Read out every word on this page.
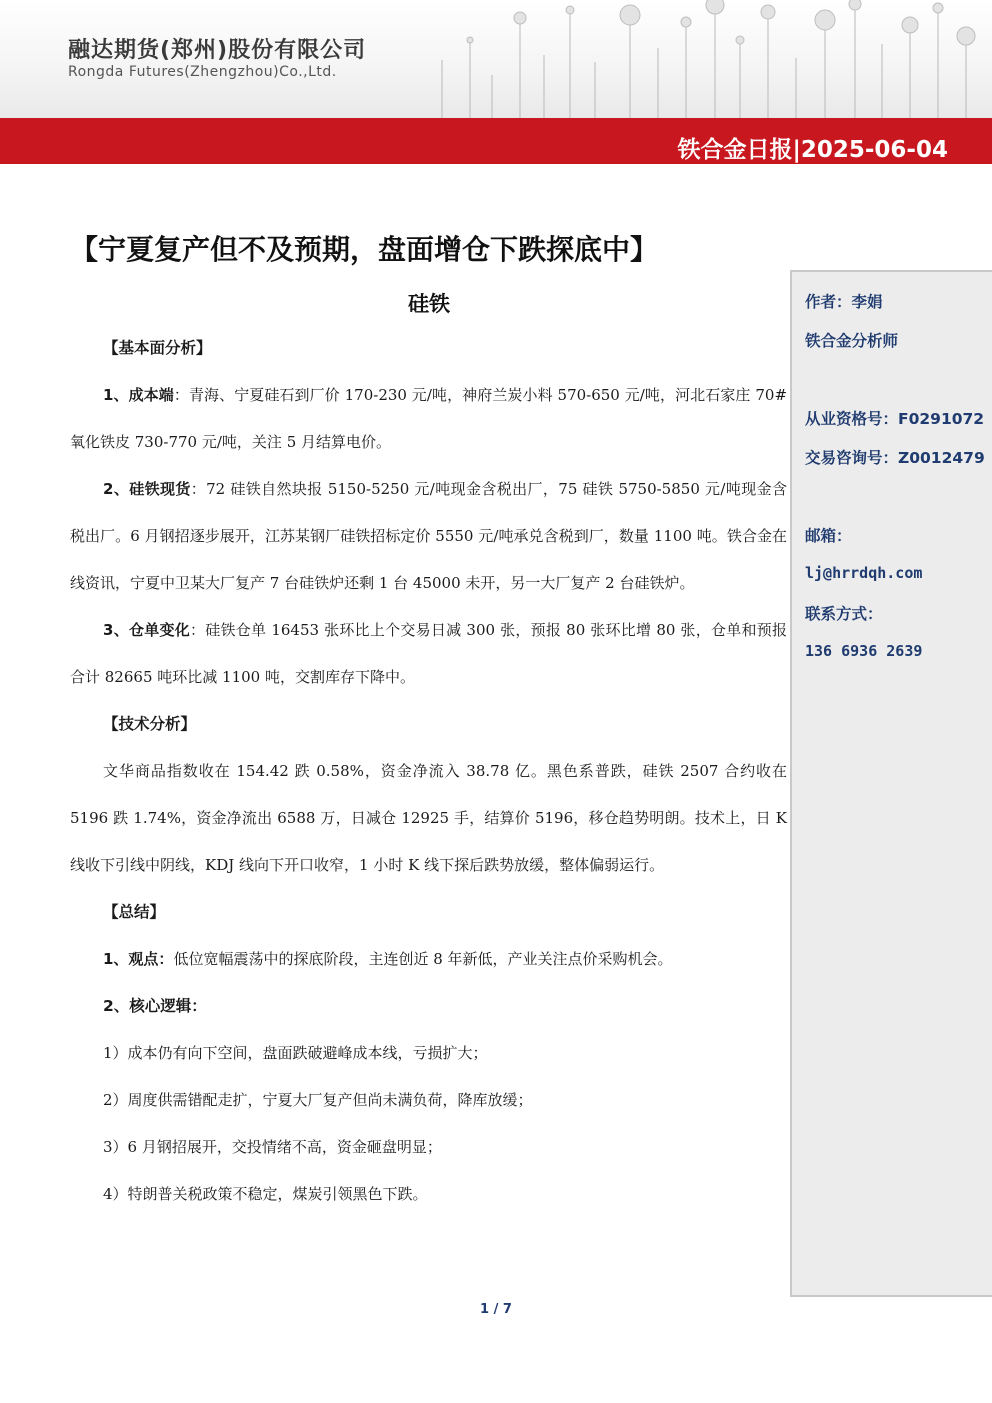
融达期货(郑州)股份有限公司
Rongda Futures(Zhengzhou)Co.,Ltd.
铁合金日报|2025-06-04
【宁夏复产但不及预期，盘面增仓下跌探底中】
硅铁

【基本面分析】

1、成本端：青海、宁夏硅石到厂价 170-230 元/吨，神府兰炭小料 570-650 元/吨，河北石家庄 70#氧化铁皮 730-770 元/吨，关注 5 月结算电价。

2、硅铁现货：72 硅铁自然块报 5150-5250 元/吨现金含税出厂，75 硅铁 5750-5850 元/吨现金含税出厂。6 月钢招逐步展开，江苏某钢厂硅铁招标定价 5550 元/吨承兑含税到厂，数量 1100 吨。铁合金在线资讯，宁夏中卫某大厂复产 7 台硅铁炉还剩 1 台 45000 未开，另一大厂复产 2 台硅铁炉。

3、仓单变化：硅铁仓单 16453 张环比上个交易日减 300 张，预报 80 张环比增 80 张，仓单和预报合计 82665 吨环比减 1100 吨，交割库存下降中。

【技术分析】

文华商品指数收在 154.42 跌 0.58%，资金净流入 38.78 亿。黑色系普跌，硅铁 2507 合约收在 5196 跌 1.74%，资金净流出 6588 万，日减仓 12925 手，结算价 5196，移仓趋势明朗。技术上，日 K 线收下引线中阴线，KDJ 线向下开口收窄，1 小时 K 线下探后跌势放缓，整体偏弱运行。

【总结】

1、观点：低位宽幅震荡中的探底阶段，主连创近 8 年新低，产业关注点价采购机会。

2、核心逻辑：

1）成本仍有向下空间，盘面跌破避峰成本线，亏损扩大；

2）周度供需错配走扩，宁夏大厂复产但尚未满负荷，降库放缓；

3）6 月钢招展开，交投情绪不高，资金砸盘明显；

4）特朗普关税政策不稳定，煤炭引领黑色下跌。

作者：李娟
铁合金分析师
从业资格号：F0291072
交易咨询号：Z0012479
邮箱：
lj@hrrdqh.com
联系方式：
136 6936 2639
1 / 7
